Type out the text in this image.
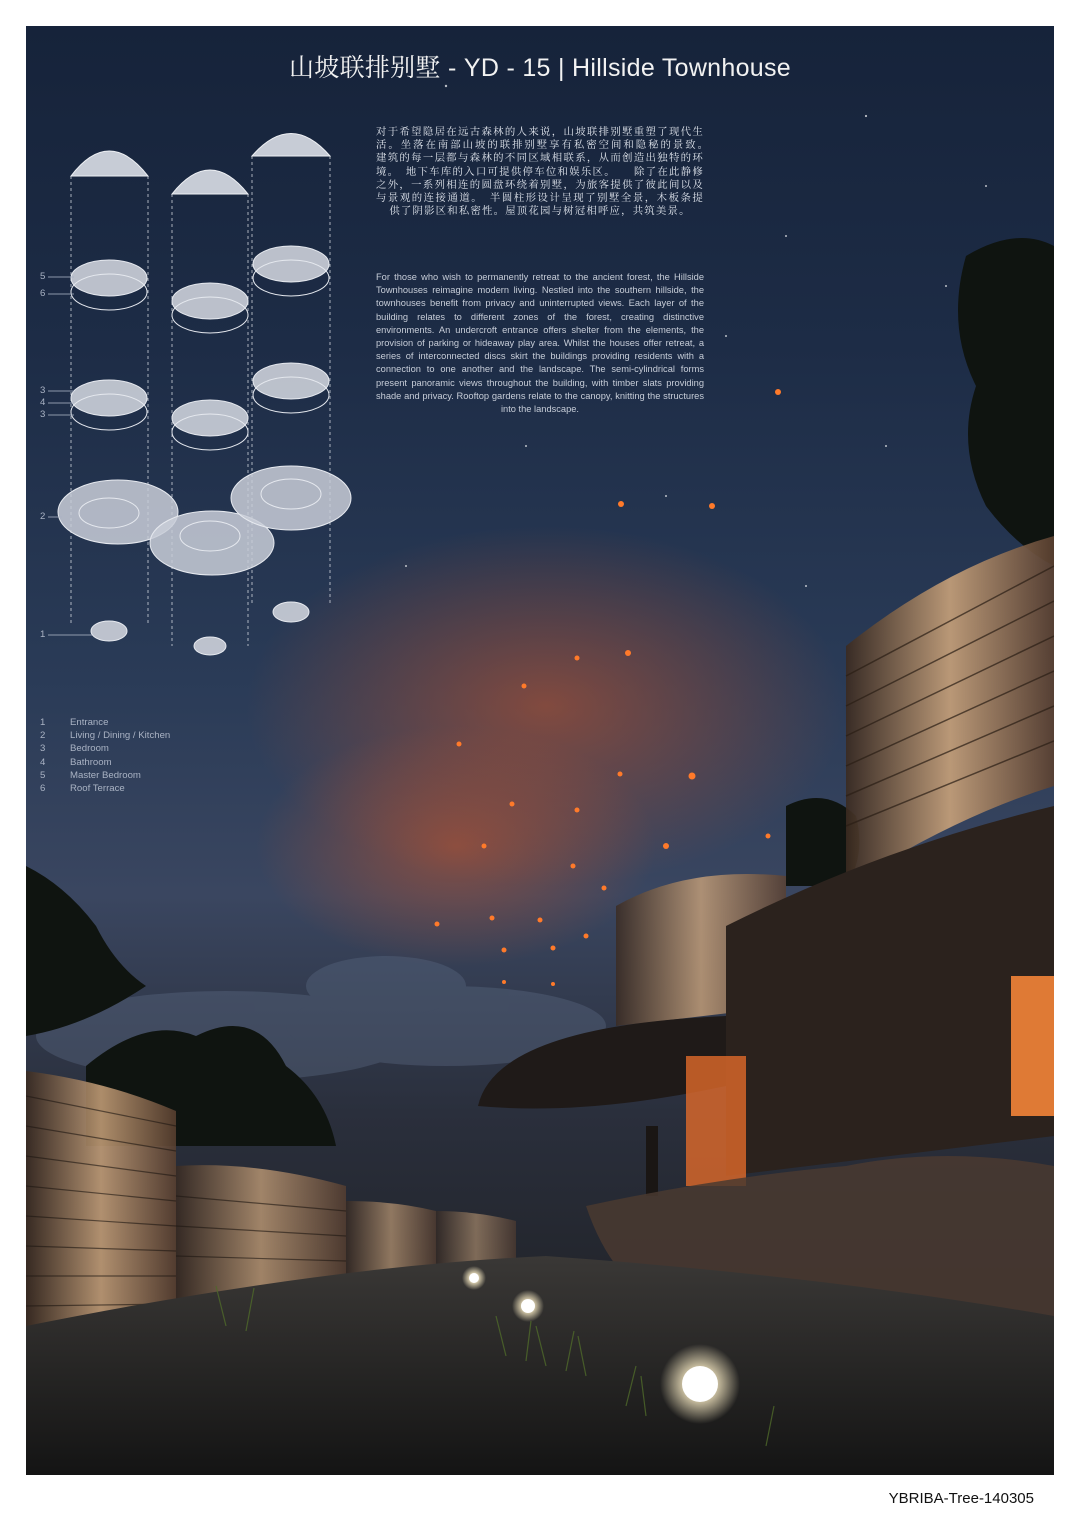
山坡联排别墅 - YD - 15 | Hillside Townhouse
对于希望隐居在远古森林的人来说，山坡联排别墅重塑了现代生活。坐落在南部山坡的联排别墅享有私密空间和隐秘的景致。　建筑的每一层都与森林的不同区域相联系，从而创造出独特的环境。　地下车库的入口可提供停车位和娱乐区。　　除了在此静修之外，一系列相连的圆盘环绕着别墅，为旅客提供了彼此间以及与景观的连接通道。　半圆柱形设计呈现了别墅全景，木板条提供了阴影区和私密性。屋顶花园与树冠相呼应，共筑美景。
For those who wish to permanently retreat to the ancient forest, the Hillside Townhouses reimagine modern living. Nestled into the southern hillside, the townhouses benefit from privacy and uninterrupted views. Each layer of the building relates to different zones of the forest, creating distinctive environments. An undercroft entrance offers shelter from the elements, the provision of parking or hideaway play area. Whilst the houses offer retreat, a series of interconnected discs skirt the buildings providing residents with a connection to one another and the landscape. The semi-cylindrical forms present panoramic views throughout the building, with timber slats providing shade and privacy. Rooftop gardens relate to the canopy, knitting the structures into the landscape.
5
6
3
4
3
2
1
1	Entrance
2	Living / Dining / Kitchen
3	Bedroom
4	Bathroom
5	Master Bedroom
6	Roof Terrace
YBRIBA-Tree-140305
